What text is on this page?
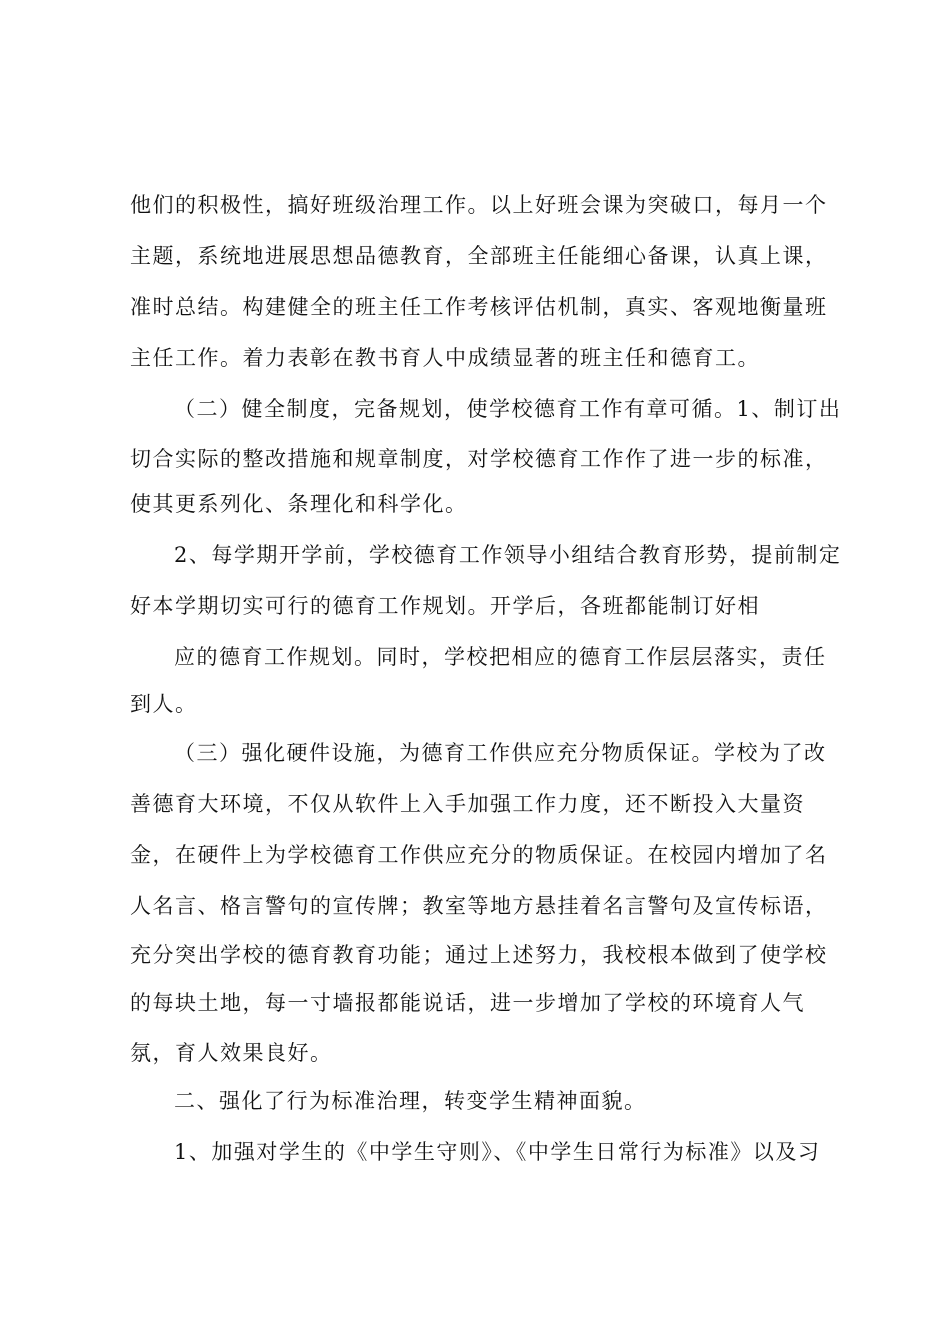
他们的积极性，搞好班级治理工作。以上好班会课为突破口，每月一个
主题，系统地进展思想品德教育，全部班主任能细心备课，认真上课，
准时总结。构建健全的班主任工作考核评估机制，真实、客观地衡量班
主任工作。着力表彰在教书育人中成绩显著的班主任和德育工。
（二）健全制度，完备规划，使学校德育工作有章可循。1、制订出
切合实际的整改措施和规章制度，对学校德育工作作了进一步的标准，
使其更系列化、条理化和科学化。
2、每学期开学前，学校德育工作领导小组结合教育形势，提前制定
好本学期切实可行的德育工作规划。开学后，各班都能制订好相
应的德育工作规划。同时，学校把相应的德育工作层层落实，责任
到人。
（三）强化硬件设施，为德育工作供应充分物质保证。学校为了改
善德育大环境，不仅从软件上入手加强工作力度，还不断投入大量资
金，在硬件上为学校德育工作供应充分的物质保证。在校园内增加了名
人名言、格言警句的宣传牌；教室等地方悬挂着名言警句及宣传标语，
充分突出学校的德育教育功能；通过上述努力，我校根本做到了使学校
的每块土地，每一寸墙报都能说话，进一步增加了学校的环境育人气
氛，育人效果良好。
二、强化了行为标准治理，转变学生精神面貌。
1、加强对学生的《中学生守则》、《中学生日常行为标准》以及习
